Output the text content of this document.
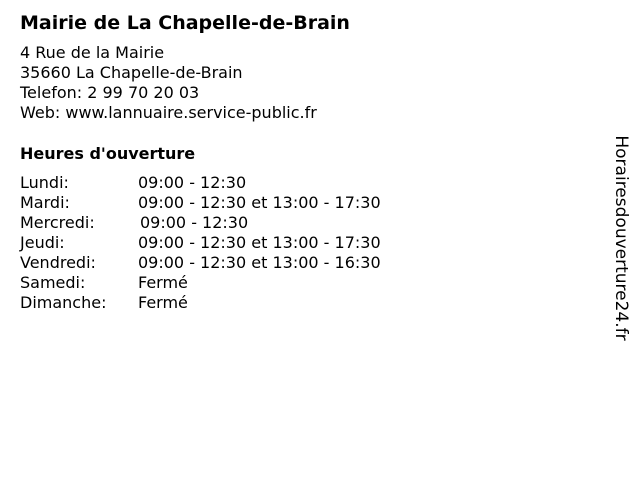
Mairie de La Chapelle-de-Brain
4 Rue de la Mairie
35660 La Chapelle-de-Brain
Telefon: 2 99 70 20 03
Web: www.lannuaire.service-public.fr
Heures d'ouverture
Lundi:	09:00 - 12:30
Mardi:	09:00 - 12:30 et 13:00 - 17:30
Mercredi:	09:00 - 12:30
Jeudi:	09:00 - 12:30 et 13:00 - 17:30
Vendredi:	09:00 - 12:30 et 13:00 - 16:30
Samedi:	Fermé
Dimanche: Fermé	Horairesdouverture24.fr
